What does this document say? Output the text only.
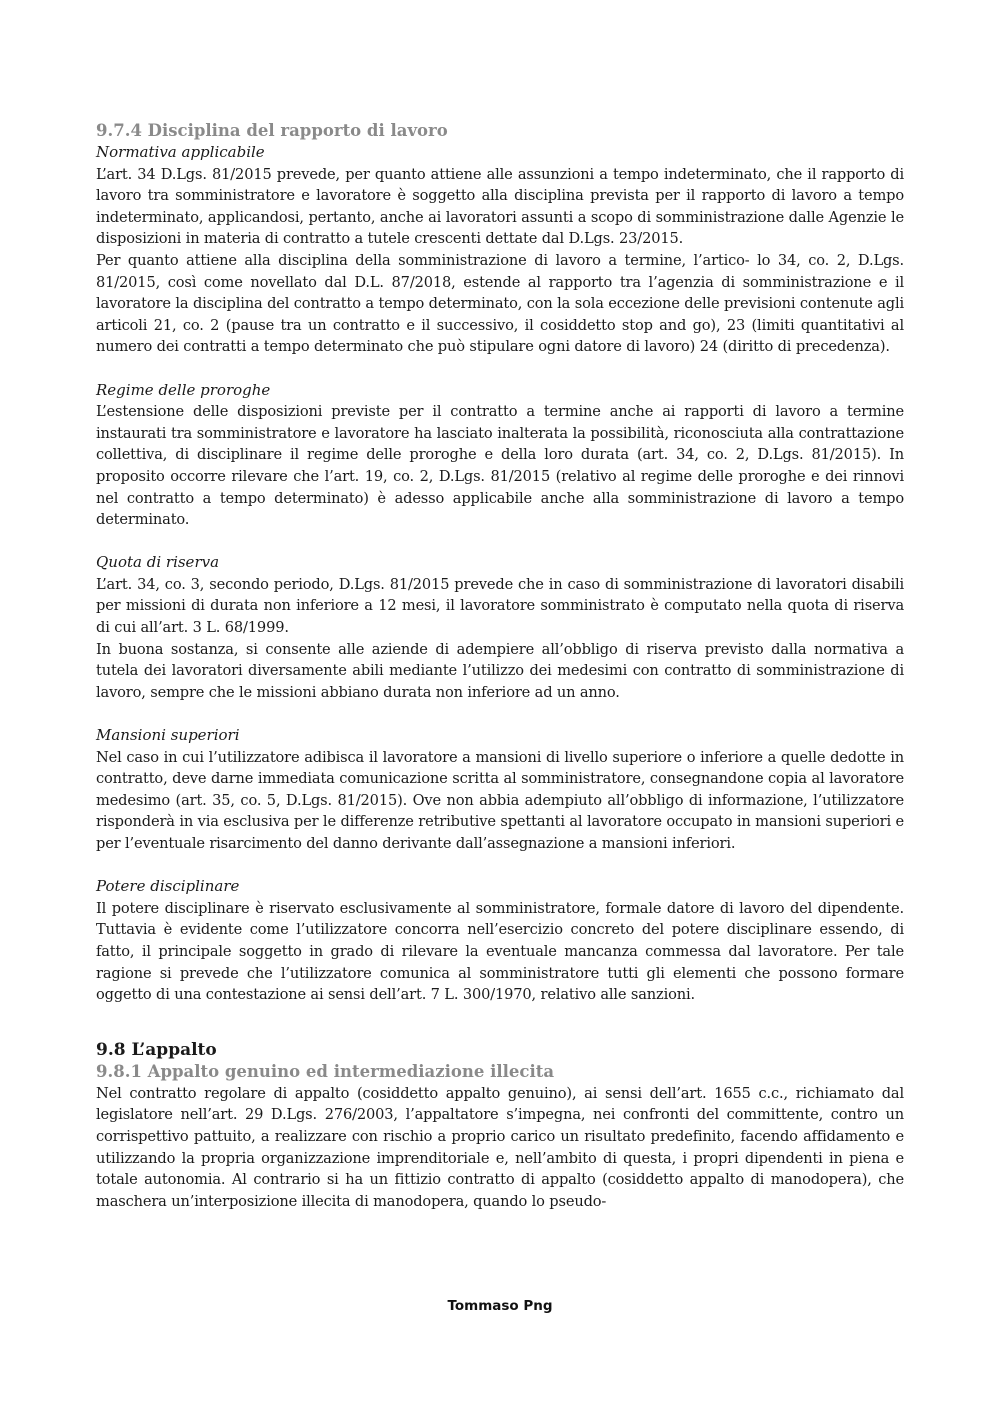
9.7.4 Disciplina del rapporto di lavoro

Normativa applicabile

L’art. 34 D.Lgs. 81/2015 prevede, per quanto attiene alle assunzioni a tempo indeterminato, che il rapporto di lavoro tra somministratore e lavoratore è soggetto alla disciplina prevista per il rapporto di lavoro a tempo indeterminato, applicandosi, pertanto, anche ai lavoratori assunti a scopo di somministrazione dalle Agenzie le disposizioni in materia di contratto a tutele crescenti dettate dal D.Lgs. 23/2015.

Per quanto attiene alla disciplina della somministrazione di lavoro a termine, l’artico- lo 34, co. 2, D.Lgs. 81/2015, così come novellato dal D.L. 87/2018, estende al rapporto tra l’agenzia di somministrazione e il lavoratore la disciplina del contratto a tempo determinato, con la sola eccezione delle previsioni contenute agli articoli 21, co. 2 (pause tra un contratto e il successivo, il cosiddetto stop and go), 23 (limiti quantitativi al numero dei contratti a tempo determinato che può stipulare ogni datore di lavoro) 24 (diritto di precedenza).

Regime delle proroghe

L’estensione delle disposizioni previste per il contratto a termine anche ai rapporti di lavoro a termine instaurati tra somministratore e lavoratore ha lasciato inalterata la possibilità, riconosciuta alla contrattazione collettiva, di disciplinare il regime delle proroghe e della loro durata (art. 34, co. 2, D.Lgs. 81/2015). In proposito occorre rilevare che l’art. 19, co. 2, D.Lgs. 81/2015 (relativo al regime delle proroghe e dei rinnovi nel contratto a tempo determinato) è adesso applicabile anche alla somministrazione di lavoro a tempo determinato.

Quota di riserva

L’art. 34, co. 3, secondo periodo, D.Lgs. 81/2015 prevede che in caso di somministrazione di lavoratori disabili per missioni di durata non inferiore a 12 mesi, il lavoratore somministrato è computato nella quota di riserva di cui all’art. 3 L. 68/1999.

In buona sostanza, si consente alle aziende di adempiere all’obbligo di riserva previsto dalla normativa a tutela dei lavoratori diversamente abili mediante l’utilizzo dei medesimi con contratto di somministrazione di lavoro, sempre che le missioni abbiano durata non inferiore ad un anno.

Mansioni superiori

Nel caso in cui l’utilizzatore adibisca il lavoratore a mansioni di livello superiore o inferiore a quelle dedotte in contratto, deve darne immediata comunicazione scritta al somministratore, consegnandone copia al lavoratore medesimo (art. 35, co. 5, D.Lgs. 81/2015). Ove non abbia adempiuto all’obbligo di informazione, l’utilizzatore risponderà in via esclusiva per le differenze retributive spettanti al lavoratore occupato in mansioni superiori e per l’eventuale risarcimento del danno derivante dall’assegnazione a mansioni inferiori.

Potere disciplinare

Il potere disciplinare è riservato esclusivamente al somministratore, formale datore di lavoro del dipendente. Tuttavia è evidente come l’utilizzatore concorra nell’esercizio concreto del potere disciplinare essendo, di fatto, il principale soggetto in grado di rilevare la eventuale mancanza commessa dal lavoratore. Per tale ragione si prevede che l’utilizzatore comunica al somministratore tutti gli elementi che possono formare oggetto di una contestazione ai sensi dell’art. 7 L. 300/1970, relativo alle sanzioni.

9.8 L’appalto

9.8.1 Appalto genuino ed intermediazione illecita

Nel contratto regolare di appalto (cosiddetto appalto genuino), ai sensi dell’art. 1655 c.c., richiamato dal legislatore nell’art. 29 D.Lgs. 276/2003, l’appaltatore s’impegna, nei confronti del committente, contro un corrispettivo pattuito, a realizzare con rischio a proprio carico un risultato predefinito, facendo affidamento e utilizzando la propria organizzazione imprenditoriale e, nell’ambito di questa, i propri dipendenti in piena e totale autonomia. Al contrario si ha un fittizio contratto di appalto (cosiddetto appalto di manodopera), che maschera un’interposizione illecita di manodopera, quando lo pseudo-

Tommaso Png
